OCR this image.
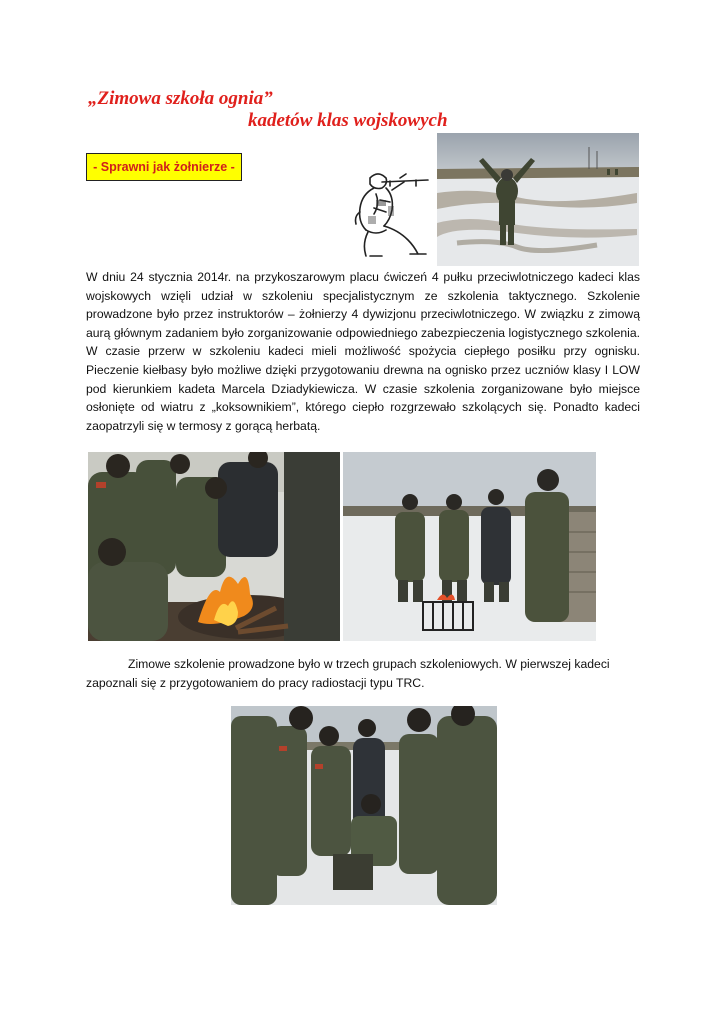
„Zimowa szkoła ognia”
kadetów klas wojskowych
- Sprawni jak żołnierze -

W dniu 24 stycznia 2014r. na przykoszarowym placu ćwiczeń 4 pułku przeciwlotniczego kadeci klas wojskowych wzięli udział w szkoleniu specjalistycznym ze szkolenia taktycznego. Szkolenie prowadzone było przez instruktorów – żołnierzy 4 dywizjonu przeciwlotniczego. W związku z zimową aurą głównym zadaniem było zorganizowanie odpowiedniego zabezpieczenia logistycznego szkolenia. W czasie przerw w szkoleniu kadeci mieli możliwość spożycia ciepłego posiłku przy ognisku. Pieczenie kiełbasy było możliwe dzięki przygotowaniu drewna na ognisko przez uczniów klasy I LOW pod kierunkiem kadeta Marcela Dziadykiewicza. W czasie szkolenia zorganizowane było miejsce osłonięte od wiatru z „koksownikiem”, którego ciepło rozgrzewało szkolących się. Ponadto kadeci zaopatrzyli się w termosy z gorącą herbatą.

Zimowe szkolenie prowadzone było w trzech grupach szkoleniowych. W pierwszej kadeci zapoznali się z przygotowaniem do pracy radiostacji typu TRC.
